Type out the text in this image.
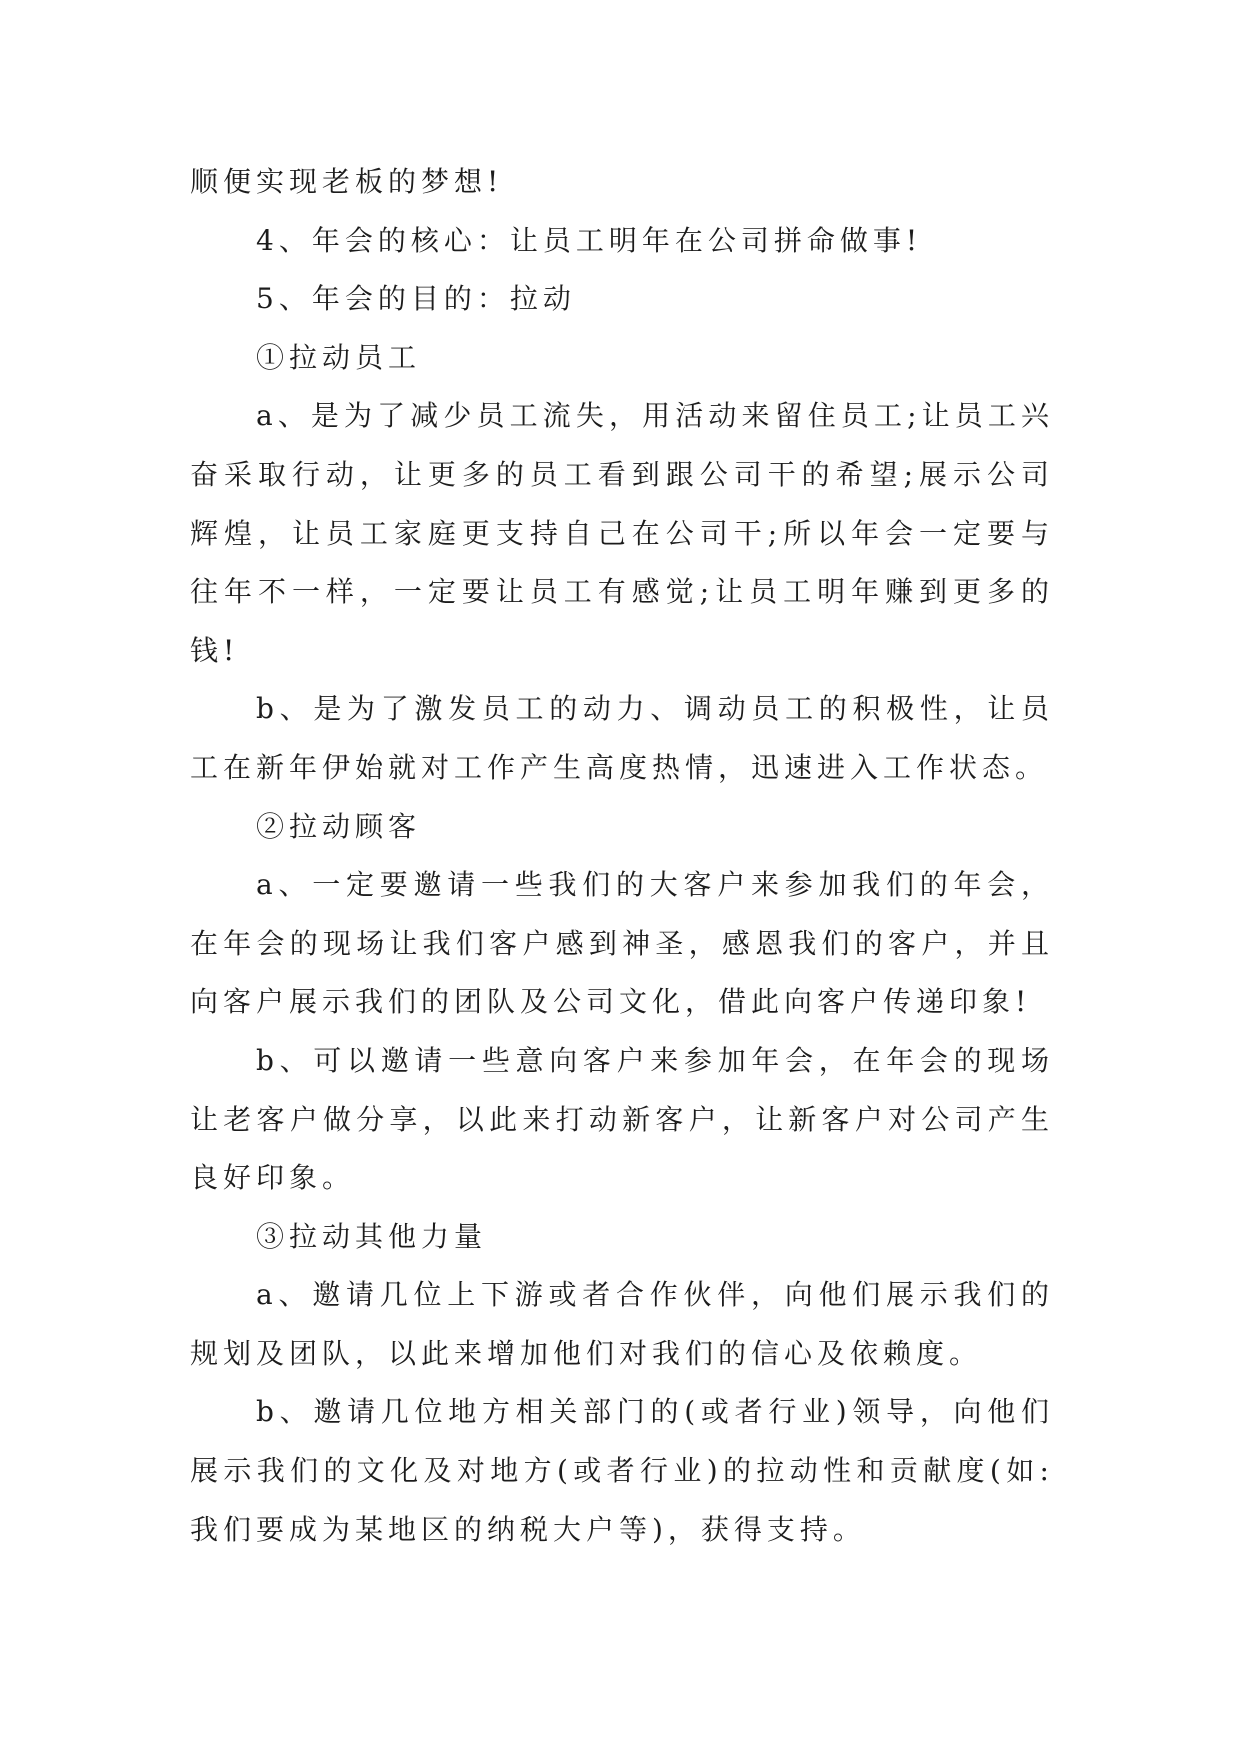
顺便实现老板的梦想!
4、年会的核心：让员工明年在公司拼命做事!
5、年会的目的：拉动
①拉动员工
a、是为了减少员工流失，用活动来留住员工;让员工兴
奋采取行动，让更多的员工看到跟公司干的希望;展示公司
辉煌，让员工家庭更支持自己在公司干;所以年会一定要与
往年不一样，一定要让员工有感觉;让员工明年赚到更多的
钱!
b、是为了激发员工的动力、调动员工的积极性，让员
工在新年伊始就对工作产生高度热情，迅速进入工作状态。
②拉动顾客
a、一定要邀请一些我们的大客户来参加我们的年会，
在年会的现场让我们客户感到神圣，感恩我们的客户，并且
向客户展示我们的团队及公司文化，借此向客户传递印象!
b、可以邀请一些意向客户来参加年会，在年会的现场
让老客户做分享，以此来打动新客户，让新客户对公司产生
良好印象。
③拉动其他力量
a、邀请几位上下游或者合作伙伴，向他们展示我们的
规划及团队，以此来增加他们对我们的信心及依赖度。
b、邀请几位地方相关部门的(或者行业)领导，向他们
展示我们的文化及对地方(或者行业)的拉动性和贡献度(如:
我们要成为某地区的纳税大户等)，获得支持。
